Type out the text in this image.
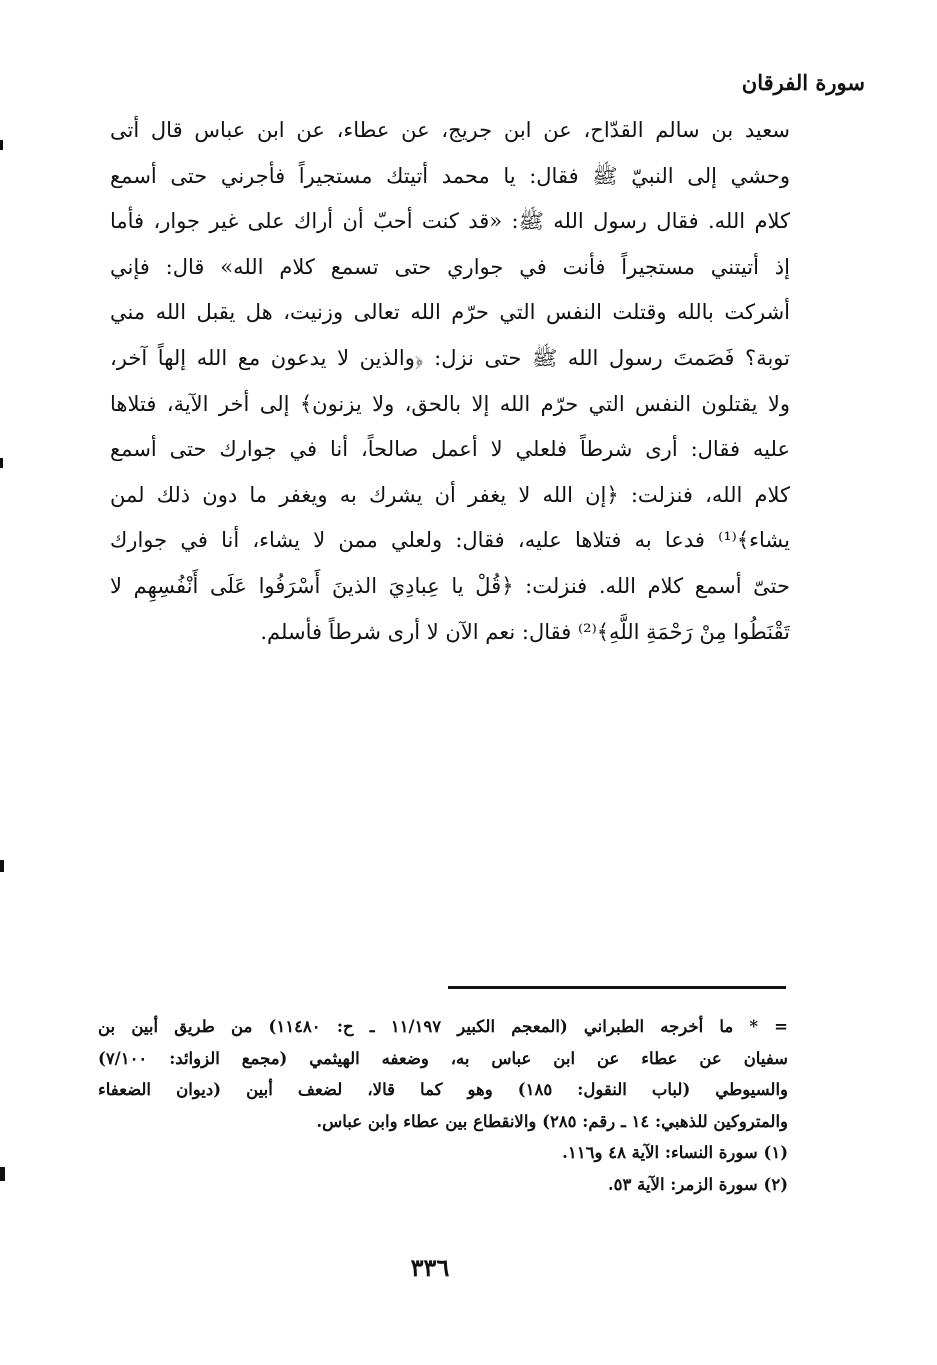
سورة الفرقان
سعيد بن سالم القدّاح، عن ابن جريج، عن عطاء، عن ابن عباس قال أتى
وحشي إلى النبيّ ﷺ فقال: يا محمد أتيتك مستجيراً فأجرني حتى أسمع
كلام الله. فقال رسول الله ﷺ: «قد كنت أحبّ أن أراك على غير جوار، فأما
إذ أتيتني مستجيراً فأنت في جواري حتى تسمع كلام الله» قال: فإني
أشركت بالله وقتلت النفس التي حرّم الله تعالى وزنيت، هل يقبل الله مني
توبة؟ فَصَمتَ رسول الله ﷺ حتى نزل: ﴿والذين لا يدعون مع الله إلهاً آخر،
ولا يقتلون النفس التي حرّم الله إلا بالحق، ولا يزنون﴾ إلى أخر الآية، فتلاها
عليه فقال: أرى شرطاً فلعلي لا أعمل صالحاً، أنا في جوارك حتى أسمع
كلام الله، فنزلت: ﴿إن الله لا يغفر أن يشرك به ويغفر ما دون ذلك لمن
يشاء﴾⁽¹⁾ فدعا به فتلاها عليه، فقال: ولعلي ممن لا يشاء، أنا في جوارك
حتىّ أسمع كلام الله. فنزلت: ﴿قُلْ يا عِبادِيَ الذينَ أَسْرَفُوا عَلَى أَنْفُسِهِم لا
تَقْنَطُوا مِنْ رَحْمَةِ اللَّهِ﴾⁽²⁾ فقال: نعم الآن لا أرى شرطاً فأسلم.
= * ما أخرجه الطبراني (المعجم الكبير ١١/١٩٧ ـ ح: ١١٤٨٠) من طريق أبين بن
سفيان عن عطاء عن ابن عباس به، وضعفه الهيثمي (مجمع الزوائد: ٧/١٠٠)
والسيوطي (لباب النقول: ١٨٥) وهو كما قالا، لضعف أبين (ديوان الضعفاء
والمتروكين للذهبي: ١٤ ـ رقم: ٢٨٥) والانقطاع بين عطاء وابن عباس.
(١) سورة النساء: الآية ٤٨ و١١٦.
(٢) سورة الزمر: الآية ٥٣.
٣٣٦
